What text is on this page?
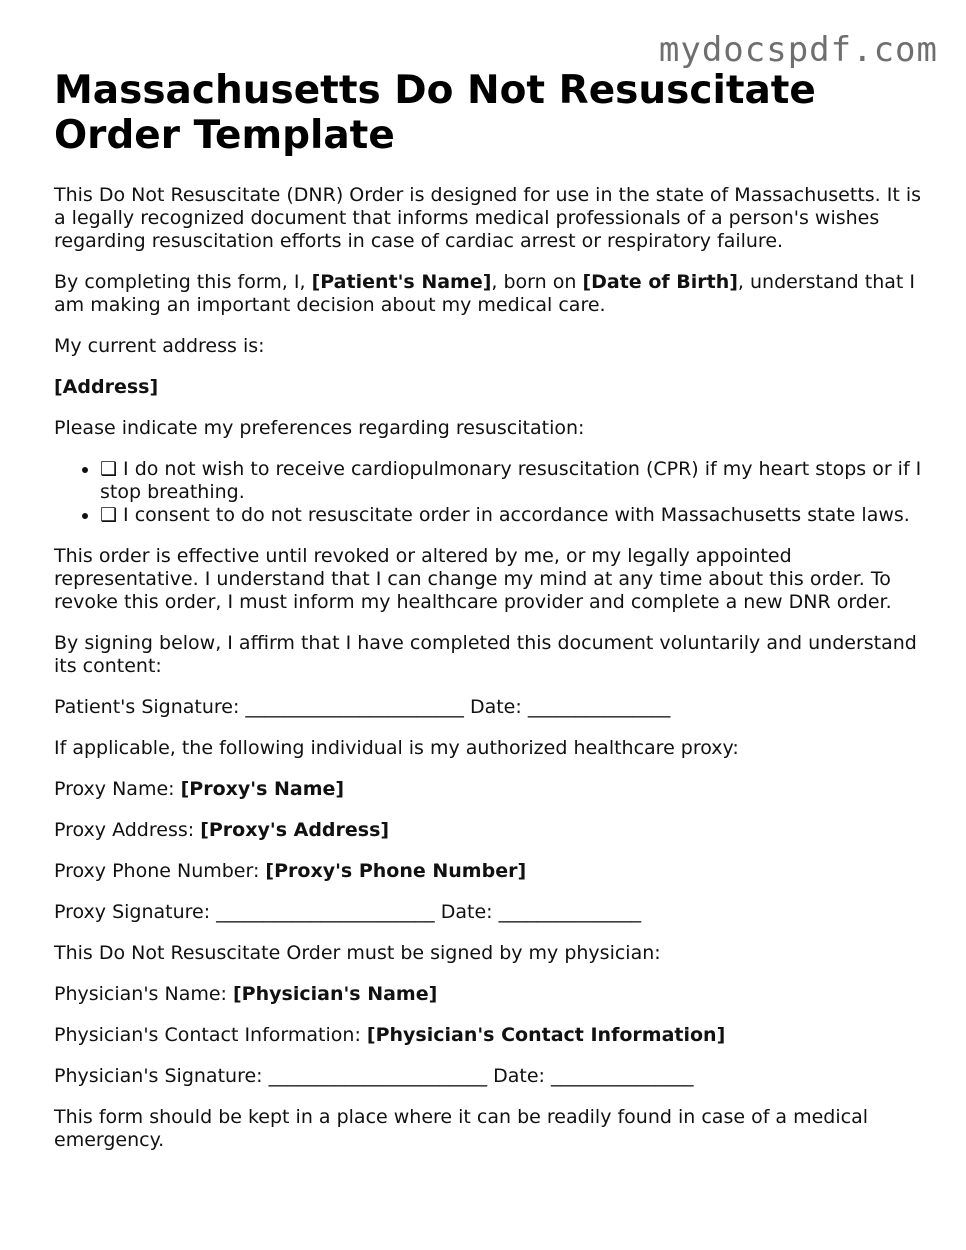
mydocspdf.com
Massachusetts Do Not Resuscitate Order Template

This Do Not Resuscitate (DNR) Order is designed for use in the state of Massachusetts. It is a legally recognized document that informs medical professionals of a person's wishes regarding resuscitation efforts in case of cardiac arrest or respiratory failure.

By completing this form, I, [Patient's Name], born on [Date of Birth], understand that I am making an important decision about my medical care.

My current address is:

[Address]

Please indicate my preferences regarding resuscitation:

• ❑ I do not wish to receive cardiopulmonary resuscitation (CPR) if my heart stops or if I stop breathing.
• ❑ I consent to do not resuscitate order in accordance with Massachusetts state laws.

This order is effective until revoked or altered by me, or my legally appointed representative. I understand that I can change my mind at any time about this order. To revoke this order, I must inform my healthcare provider and complete a new DNR order.

By signing below, I affirm that I have completed this document voluntarily and understand its content:

Patient's Signature: _______________________ Date: _______________

If applicable, the following individual is my authorized healthcare proxy:

Proxy Name: [Proxy's Name]

Proxy Address: [Proxy's Address]

Proxy Phone Number: [Proxy's Phone Number]

Proxy Signature: _______________________ Date: _______________

This Do Not Resuscitate Order must be signed by my physician:

Physician's Name: [Physician's Name]

Physician's Contact Information: [Physician's Contact Information]

Physician's Signature: _______________________ Date: _______________

This form should be kept in a place where it can be readily found in case of a medical emergency.
